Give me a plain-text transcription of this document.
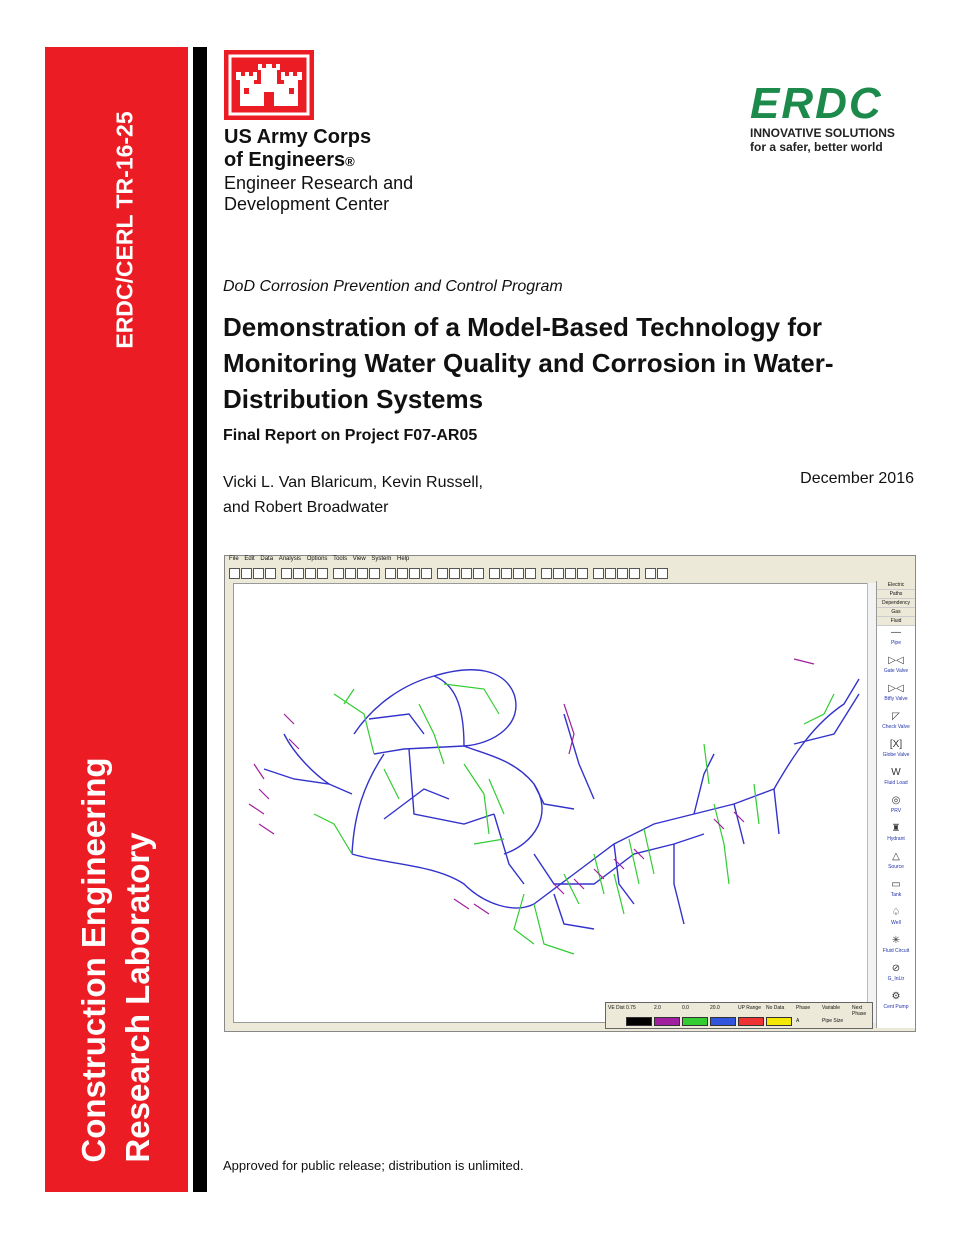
ERDC/CERL TR-16-25
Construction Engineering Research Laboratory
US Army Corps
of Engineers®
Engineer Research and
Development Center
ERDC
INNOVATIVE SOLUTIONS
for a safer, better world
DoD Corrosion Prevention and Control Program
Demonstration of a Model-Based Technology for Monitoring Water Quality and Corrosion in Water-Distribution Systems
Final Report on Project F07-AR05
Vicki L. Van Blaricum, Kevin Russell,
and Robert Broadwater
December 2016
File Edit Data Analysis Options Tools View System Help
Electric
Paths
Dependency
Gas
Fluid
—
Pipe
▷◁
Gate Valve
▷◁
Btfly Valve
◸
Check Valve
[X]
Globe Valve
W
Fluid Load
◎
PRV
♜
Hydrant
△
Source
▭
Tank
♤
Well
✳
Fluid Circuit
⊘
G_InLtr
⚙
Cent Pump
VE Dist 0.75	2.0	0.0	20.0	UP Range No Data Phase Variable Next Phase
A	Pipe Size
Approved for public release; distribution is unlimited.
